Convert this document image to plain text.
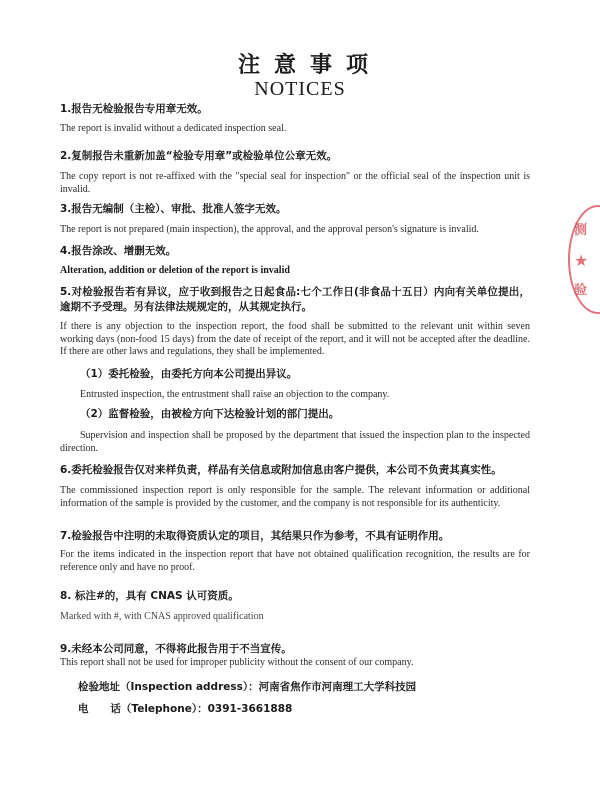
注意事项
NOTICES
1.报告无检验报告专用章无效。
The report is invalid without a dedicated inspection seal.
2.复制报告未重新加盖“检验专用章”或检验单位公章无效。
The copy report is not re-affixed with the "special seal for inspection" or the official seal of the inspection unit is invalid.
3.报告无编制（主检）、审批、批准人签字无效。
The report is not prepared (main inspection), the approval, and the approval person's signature is invalid.
4.报告涂改、增删无效。
Alteration, addition or deletion of the report is invalid
5.对检验报告若有异议，应于收到报告之日起食品:七个工作日(非食品十五日）内向有关单位提出，逾期不予受理。另有法律法规规定的，从其规定执行。
If there is any objection to the inspection report, the food shall be submitted to the relevant unit within seven working days (non-food 15 days) from the date of receipt of the report, and it will not be accepted after the deadline. If there are other laws and regulations, they shall be implemented.
（1）委托检验，由委托方向本公司提出异议。
Entrusted inspection, the entrustment shall raise an objection to the company.
（2）监督检验，由被检方向下达检验计划的部门提出。
Supervision and inspection shall be proposed by the department that issued the inspection plan to the inspected direction.
6.委托检验报告仅对来样负责，样品有关信息或附加信息由客户提供，本公司不负责其真实性。
The commissioned inspection report is only responsible for the sample. The relevant information or additional information of the sample is provided by the customer, and the company is not responsible for its authenticity.
7.检验报告中注明的未取得资质认定的项目，其结果只作为参考，不具有证明作用。
For the items indicated in the inspection report that have not obtained qualification recognition, the results are for reference only and have no proof.
8. 标注#的，具有 CNAS 认可资质。
Marked with #, with CNAS approved qualification
9.未经本公司同意，不得将此报告用于不当宣传。
This report shall not be used for improper publicity without the consent of our company.
检验地址（Inspection address）：河南省焦作市河南理工大学科技园
电      话（Telephone）：0391-3661888
测
★
验
